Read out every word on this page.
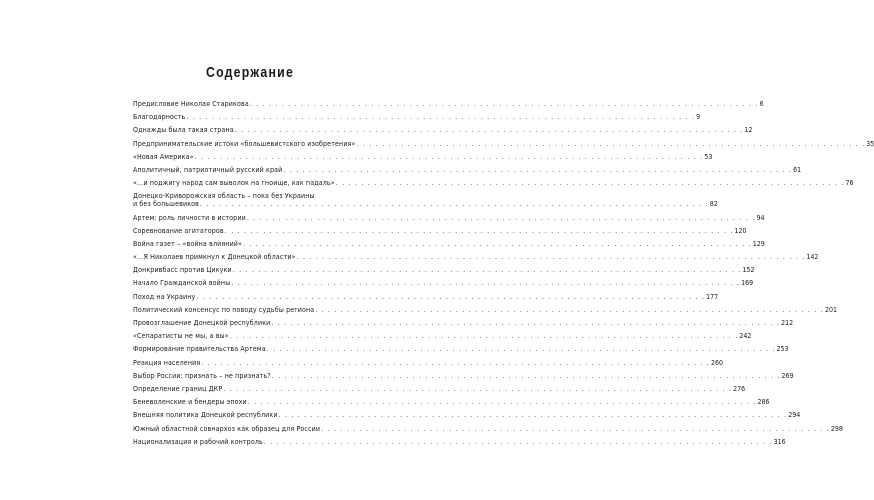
Содержание
Предисловие Николая Старикова . . .	6
Благодарность . . .	9
Однажды была такая страна . . .	12
Предпринимательские истоки «большевистского изобретения» . . .	35
«Новая Америка» . . .	53
Аполитичный, патриотичный русский край . . .	61
«...и поджигу народ сам выволок на гноище, как падаль» . . .	76
Донецко-Криворожская область – пока без Украины
и без большевиков . . .	82
Артем: роль личности в истории . . .	94
Соревнование агитаторов . . .	120
Война газет – «война влияний» . . .	129
«...Я Николаев примкнул к Донецкой области» . . .	142
Донкривбасс против Цикуки . . .	152
Начало Гражданской войны . . .	169
Поход на Украину . . .	177
Политический консенсус по поводу судьбы региона . . .	201
Провозглашение Донецкой республики . . .	212
«Сепаратисты не мы, а вы» . . .	242
Формирование правительства Артема . . .	253
Реакция населения . . .	260
Выбор России: признать – не признать? . . .	269
Определение границ ДКР . . .	276
Беневоленские и бендеры эпохи . . .	286
Внешняя политика Донецкой республики . . .	294
Южный областной совнархоз как образец для России . . .	298
Национализация и рабочий контроль . . .	316
